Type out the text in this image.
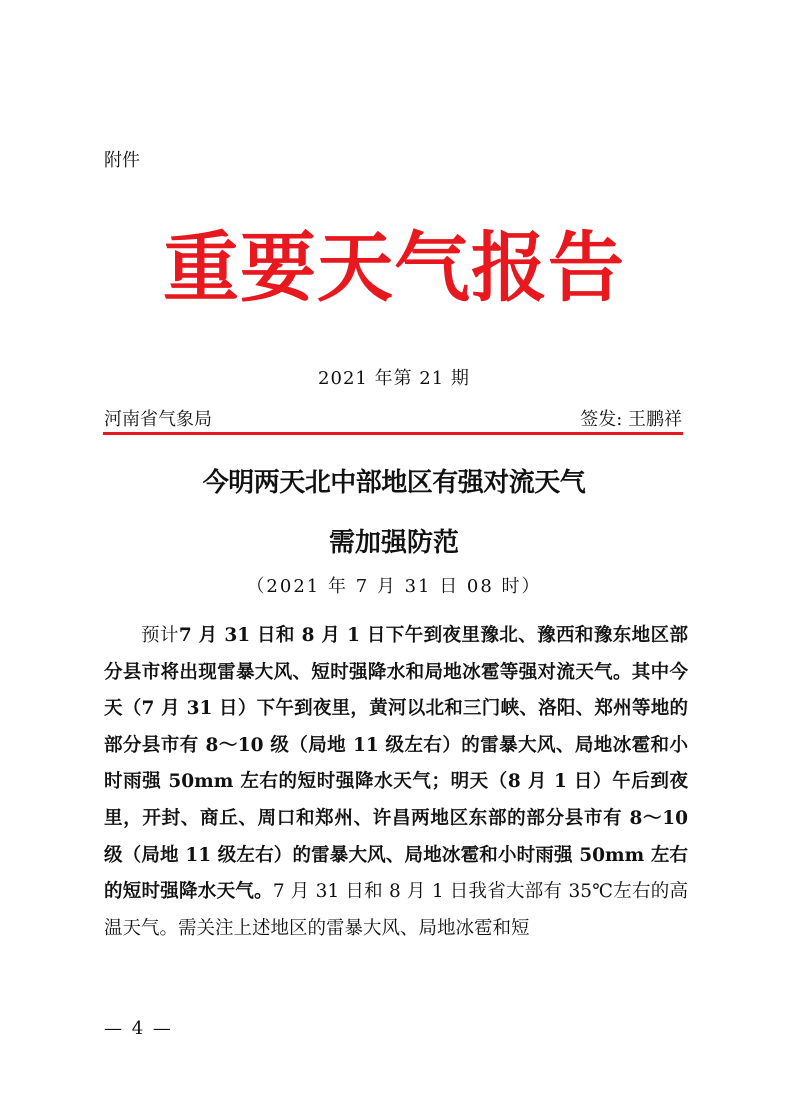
附件
重要天气报告
2021 年第 21 期
河南省气象局	签发: 王鹏祥
今明两天北中部地区有强对流天气
需加强防范
（2021 年 7 月 31 日 08 时）
预计7 月 31 日和 8 月 1 日下午到夜里豫北、豫西和豫东地区部分县市将出现雷暴大风、短时强降水和局地冰雹等强对流天气。其中今天（7 月 31 日）下午到夜里，黄河以北和三门峡、洛阳、郑州等地的部分县市有 8～10 级（局地 11 级左右）的雷暴大风、局地冰雹和小时雨强 50mm 左右的短时强降水天气；明天（8 月 1 日）午后到夜里，开封、商丘、周口和郑州、许昌两地区东部的部分县市有 8～10 级（局地 11 级左右）的雷暴大风、局地冰雹和小时雨强 50mm 左右的短时强降水天气。7 月 31 日和 8 月 1 日我省大部有 35℃左右的高温天气。需关注上述地区的雷暴大风、局地冰雹和短
— 4 —
